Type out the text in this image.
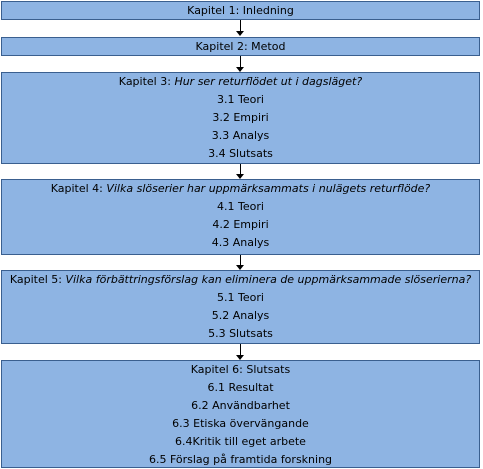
Kapitel 1: Inledning
Kapitel 2: Metod
Kapitel 3: Hur ser returflödet ut i dagsläget?
3.1 Teori
3.2 Empiri
3.3 Analys
3.4 Slutsats
Kapitel 4: Vilka slöserier har uppmärksammats i nulägets returflöde?
4.1 Teori
4.2 Empiri
4.3 Analys
Kapitel 5: Vilka förbättringsförslag kan eliminera de uppmärksammade slöserierna?
5.1 Teori
5.2 Analys
5.3 Slutsats
Kapitel 6: Slutsats
6.1 Resultat
6.2 Användbarhet
6.3 Etiska övervängande
6.4Kritik till eget arbete
6.5 Förslag på framtida forskning
